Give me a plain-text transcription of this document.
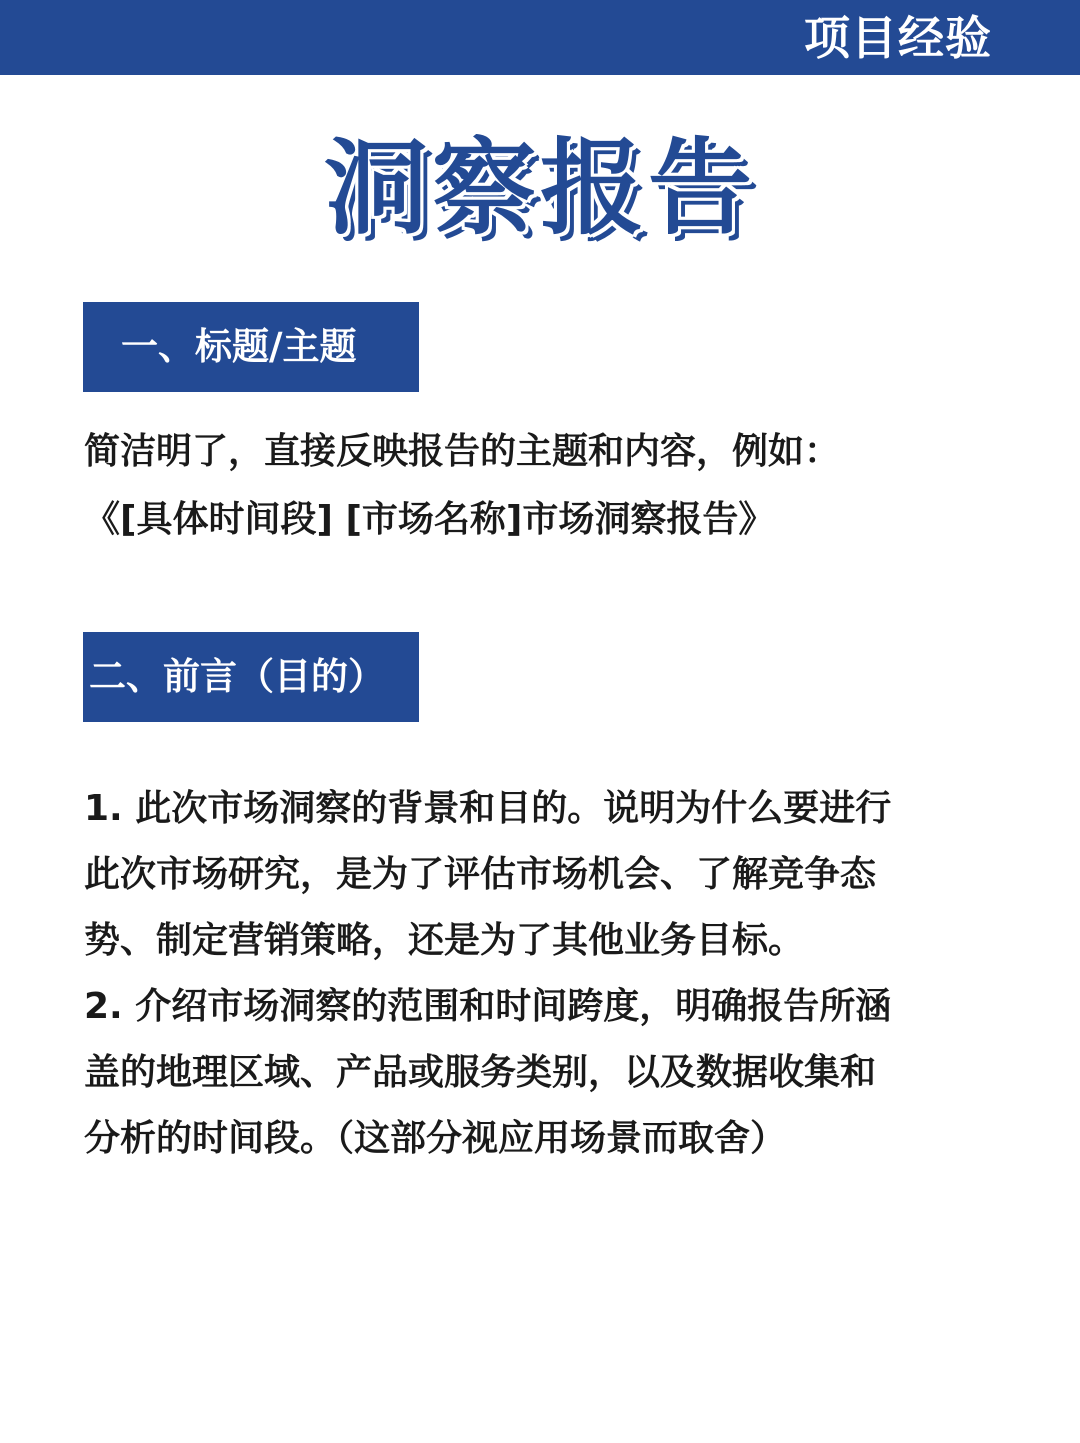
项目经验
洞察报告
一、标题/主题
简洁明了，直接反映报告的主题和内容，例如：
《[具体时间段] [市场名称]市场洞察报告》
二、前言（目的）
1. 此次市场洞察的背景和目的。说明为什么要进行
此次市场研究，是为了评估市场机会、了解竞争态
势、制定营销策略，还是为了其他业务目标。
2. 介绍市场洞察的范围和时间跨度，明确报告所涵
盖的地理区域、产品或服务类别，以及数据收集和
分析的时间段。（这部分视应用场景而取舍）
